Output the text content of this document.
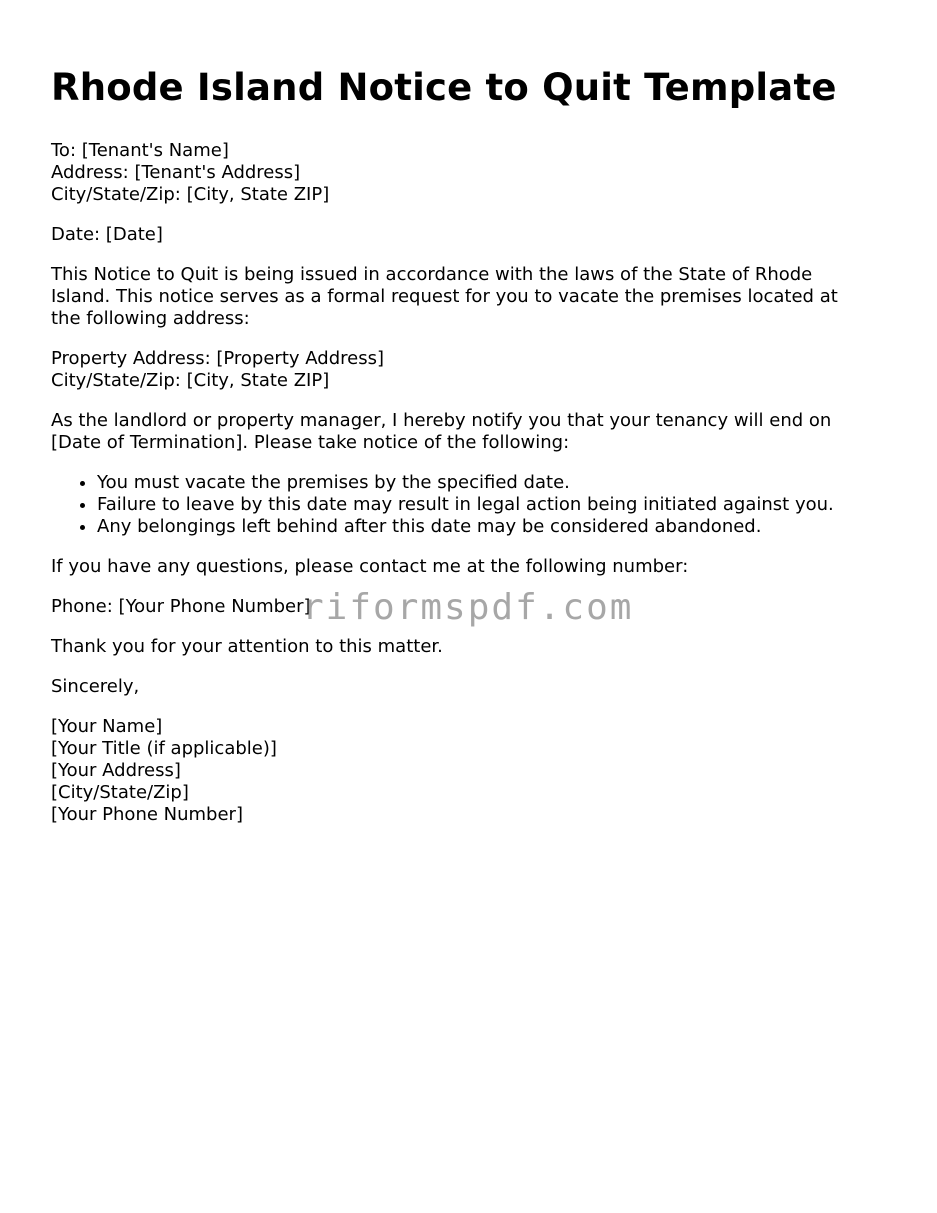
Rhode Island Notice to Quit Template
To: [Tenant's Name]
Address: [Tenant's Address]
City/State/Zip: [City, State ZIP]
Date: [Date]

This Notice to Quit is being issued in accordance with the laws of the State of Rhode Island. This notice serves as a formal request for you to vacate the premises located at the following address:

Property Address: [Property Address]
City/State/Zip: [City, State ZIP]

As the landlord or property manager, I hereby notify you that your tenancy will end on [Date of Termination]. Please take notice of the following:

• You must vacate the premises by the specified date.
• Failure to leave by this date may result in legal action being initiated against you.
• Any belongings left behind after this date may be considered abandoned.

If you have any questions, please contact me at the following number:

Phone: [Your Phone Number]
Thank you for your attention to this matter.
Sincerely,
[Your Name]
[Your Title (if applicable)]
[Your Address]
[City/State/Zip]
[Your Phone Number]
riformspdf.com
